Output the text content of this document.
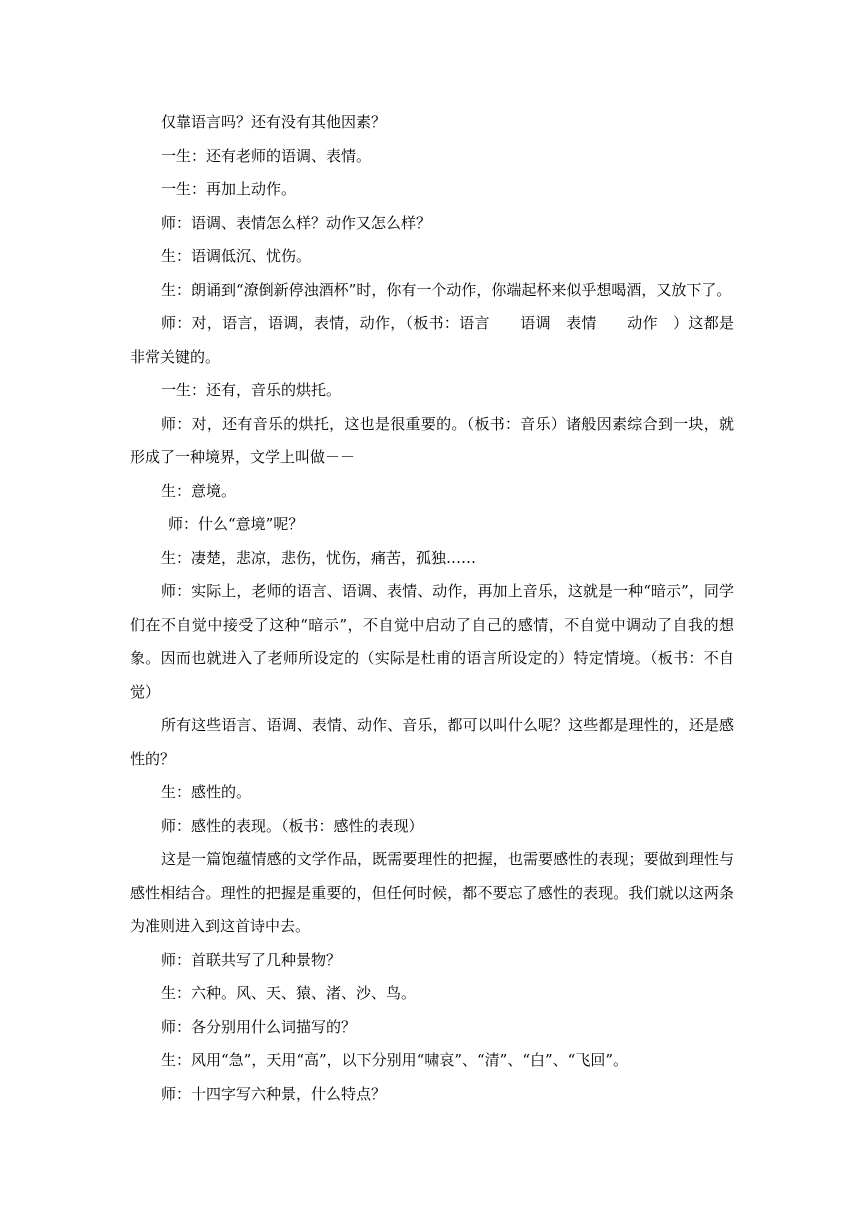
仅靠语言吗？还有没有其他因素？

一生：还有老师的语调、表情。

一生：再加上动作。

师：语调、表情怎么样？动作又怎么样？

生：语调低沉、忧伤。

生：朗诵到“潦倒新停浊酒杯”时，你有一个动作，你端起杯来似乎想喝酒，又放下了。

师：对，语言，语调，表情，动作，（板书：语言　　语调　表情　　动作　）这都是非常关键的。

一生：还有，音乐的烘托。

师：对，还有音乐的烘托，这也是很重要的。（板书：音乐）诸般因素综合到一块，就形成了一种境界，文学上叫做－－

生：意境。

师：什么“意境”呢？

生：凄楚，悲凉，悲伤，忧伤，痛苦，孤独……

师：实际上，老师的语言、语调、表情、动作，再加上音乐，这就是一种“暗示”，同学们在不自觉中接受了这种“暗示”，不自觉中启动了自己的感情，不自觉中调动了自我的想象。因而也就进入了老师所设定的（实际是杜甫的语言所设定的）特定情境。（板书：不自觉）

所有这些语言、语调、表情、动作、音乐，都可以叫什么呢？这些都是理性的，还是感性的？

生：感性的。

师：感性的表现。（板书：感性的表现）

这是一篇饱蕴情感的文学作品，既需要理性的把握，也需要感性的表现；要做到理性与感性相结合。理性的把握是重要的，但任何时候，都不要忘了感性的表现。我们就以这两条为准则进入到这首诗中去。

师：首联共写了几种景物？

生：六种。风、天、猿、渚、沙、鸟。

师：各分别用什么词描写的？

生：风用“急”，天用“高”，以下分别用“啸哀”、“清”、“白”、“飞回”。

师：十四字写六种景，什么特点？
